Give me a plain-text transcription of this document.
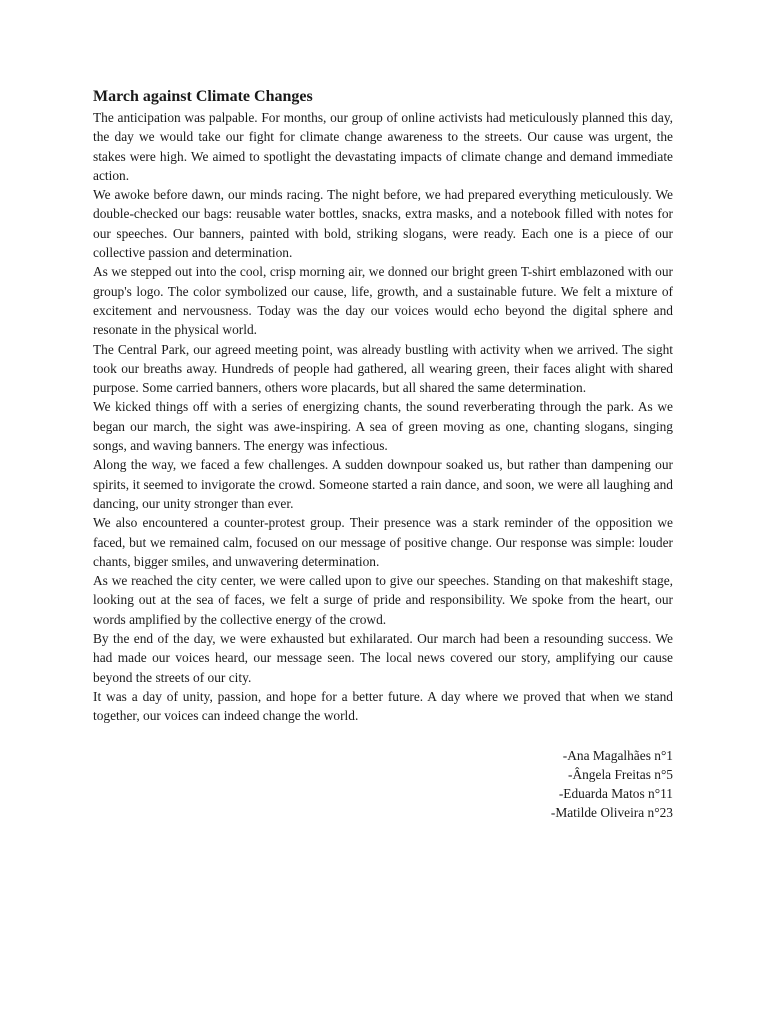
March against Climate Changes

The anticipation was palpable. For months, our group of online activists had meticulously planned this day, the day we would take our fight for climate change awareness to the streets. Our cause was urgent, the stakes were high. We aimed to spotlight the devastating impacts of climate change and demand immediate action.

We awoke before dawn, our minds racing. The night before, we had prepared everything meticulously. We double-checked our bags: reusable water bottles, snacks, extra masks, and a notebook filled with notes for our speeches. Our banners, painted with bold, striking slogans, were ready. Each one is a piece of our collective passion and determination.

As we stepped out into the cool, crisp morning air, we donned our bright green T-shirt emblazoned with our group's logo. The color symbolized our cause, life, growth, and a sustainable future. We felt a mixture of excitement and nervousness. Today was the day our voices would echo beyond the digital sphere and resonate in the physical world.

The Central Park, our agreed meeting point, was already bustling with activity when we arrived. The sight took our breaths away. Hundreds of people had gathered, all wearing green, their faces alight with shared purpose. Some carried banners, others wore placards, but all shared the same determination.

We kicked things off with a series of energizing chants, the sound reverberating through the park. As we began our march, the sight was awe-inspiring. A sea of green moving as one, chanting slogans, singing songs, and waving banners. The energy was infectious.

Along the way, we faced a few challenges. A sudden downpour soaked us, but rather than dampening our spirits, it seemed to invigorate the crowd. Someone started a rain dance, and soon, we were all laughing and dancing, our unity stronger than ever.

We also encountered a counter-protest group. Their presence was a stark reminder of the opposition we faced, but we remained calm, focused on our message of positive change. Our response was simple: louder chants, bigger smiles, and unwavering determination.

As we reached the city center, we were called upon to give our speeches. Standing on that makeshift stage, looking out at the sea of faces, we felt a surge of pride and responsibility. We spoke from the heart, our words amplified by the collective energy of the crowd.

By the end of the day, we were exhausted but exhilarated. Our march had been a resounding success. We had made our voices heard, our message seen. The local news covered our story, amplifying our cause beyond the streets of our city.

It was a day of unity, passion, and hope for a better future. A day where we proved that when we stand together, our voices can indeed change the world.

-Ana Magalhães n°1

-Ângela Freitas n°5

-Eduarda Matos n°11

-Matilde Oliveira n°23
